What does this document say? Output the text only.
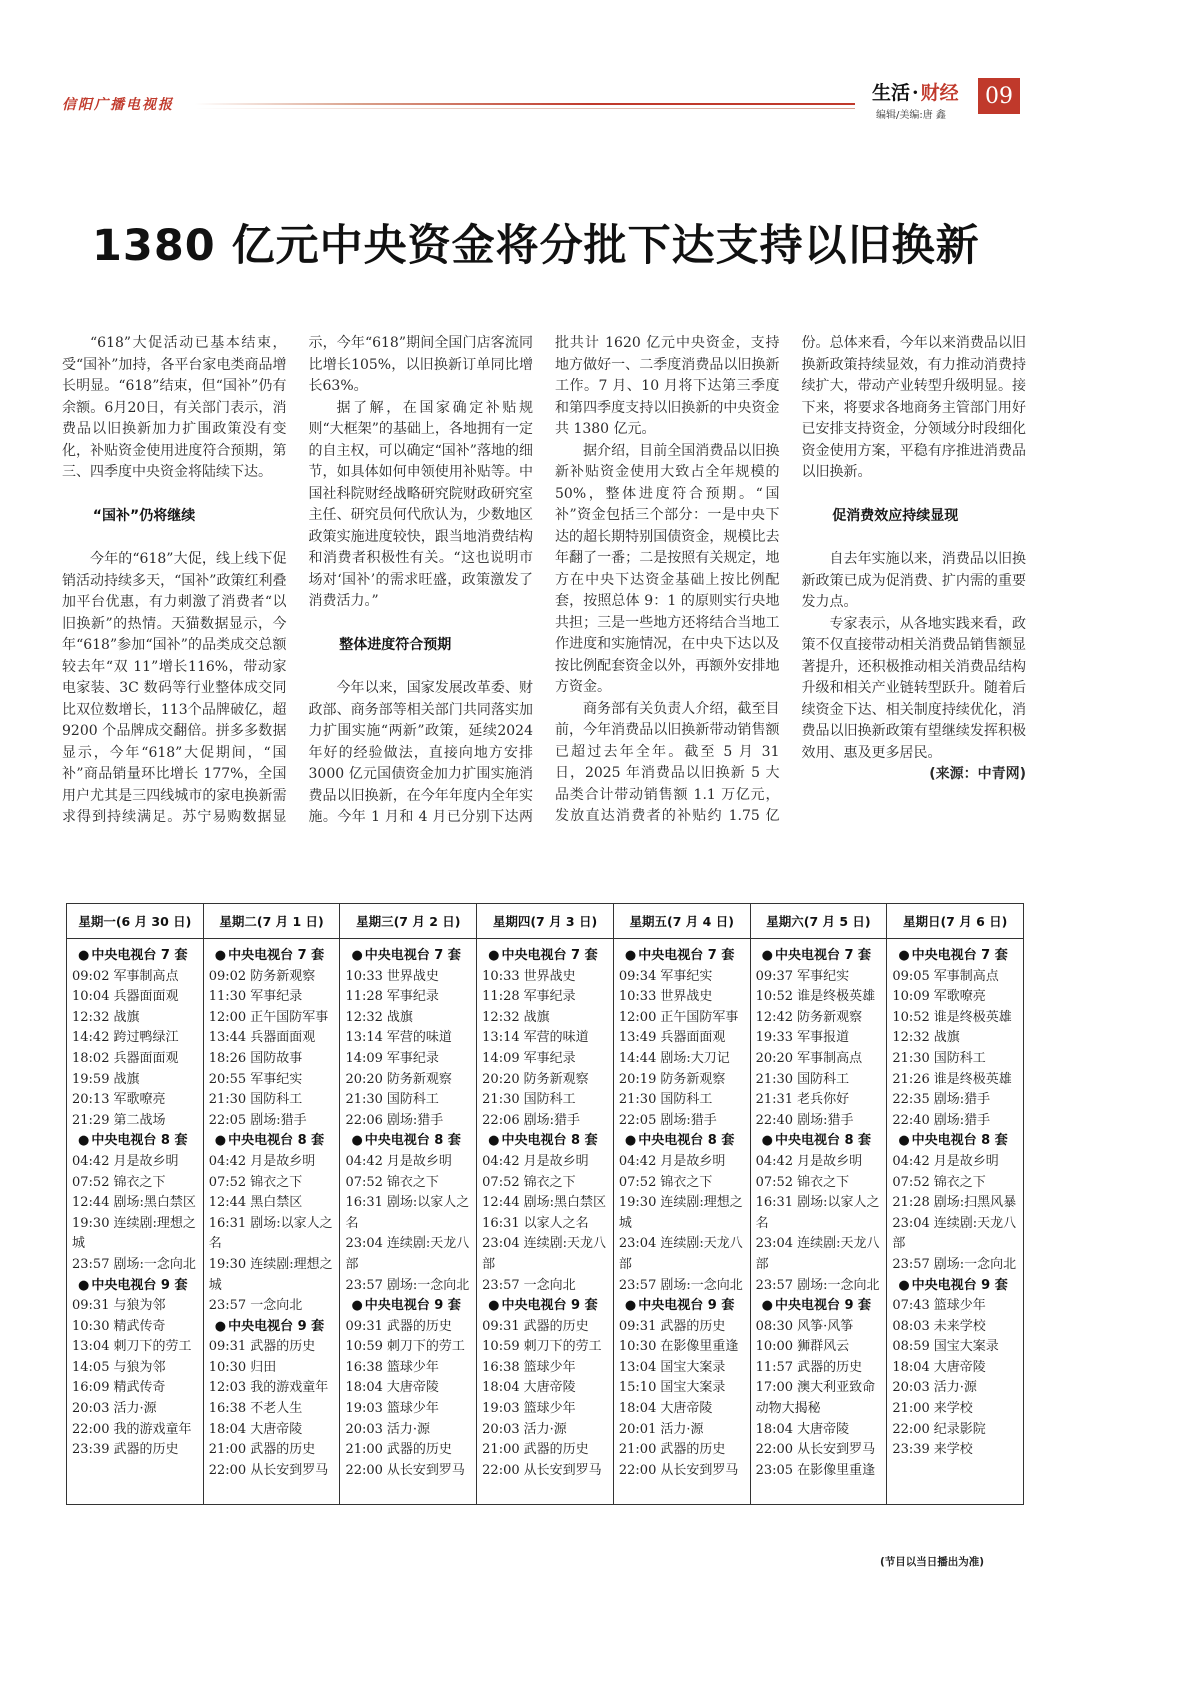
信阳广播电视报
生活 · 财经
编辑/美编:唐 鑫
09
1380 亿元中央资金将分批下达支持以旧换新

“618”大促活动已基本结束，受“国补”加持，各平台家电类商品增长明显。“618”结束，但“国补”仍有余额。6月20日，有关部门表示，消费品以旧换新加力扩围政策没有变化，补贴资金使用进度符合预期，第三、四季度中央资金将陆续下达。

“国补”仍将继续

今年的“618”大促，线上线下促销活动持续多天，“国补”政策红利叠加平台优惠，有力刺激了消费者“以旧换新”的热情。天猫数据显示，今年“618”参加“国补”的品类成交总额较去年“双 11”增长116%，带动家电家装、3C 数码等行业整体成交同比双位数增长，113个品牌破亿，超 9200 个品牌成交翻倍。拼多多数据显示，今年“618”大促期间，“国补”商品销量环比增长 177%，全国用户尤其是三四线城市的家电换新需求得到持续满足。苏宁易购数据显示，今年“618”期间全国门店客流同比增长105%，以旧换新订单同比增长63%。

据了解，在国家确定补贴规则“大框架”的基础上，各地拥有一定的自主权，可以确定“国补”落地的细节，如具体如何申领使用补贴等。中国社科院财经战略研究院财政研究室主任、研究员何代欣认为，少数地区政策实施进度较快，跟当地消费结构和消费者积极性有关。“这也说明市场对‘国补’的需求旺盛，政策激发了消费活力。”

整体进度符合预期

今年以来，国家发展改革委、财政部、商务部等相关部门共同落实加力扩围实施“两新”政策，延续2024 年好的经验做法，直接向地方安排 3000 亿元国债资金加力扩围实施消费品以旧换新，在今年年度内全年实施。今年 1 月和 4 月已分别下达两批共计 1620 亿元中央资金，支持地方做好一、二季度消费品以旧换新工作。7 月、10 月将下达第三季度和第四季度支持以旧换新的中央资金共 1380 亿元。

据介绍，目前全国消费品以旧换新补贴资金使用大致占全年规模的 50%，整体进度符合预期。“国补”资金包括三个部分：一是中央下达的超长期特别国债资金，规模比去年翻了一番；二是按照有关规定，地方在中央下达资金基础上按比例配套，按照总体 9：1 的原则实行央地共担；三是一些地方还将结合当地工作进度和实施情况，在中央下达以及按比例配套资金以外，再额外安排地方资金。

商务部有关负责人介绍，截至目前，今年消费品以旧换新带动销售额已超过去年全年。截至 5 月 31 日，2025 年消费品以旧换新 5 大品类合计带动销售额 1.1 万亿元，发放直达消费者的补贴约 1.75 亿份。总体来看，今年以来消费品以旧换新政策持续显效，有力推动消费持续扩大，带动产业转型升级明显。接下来，将要求各地商务主管部门用好已安排支持资金，分领域分时段细化资金使用方案，平稳有序推进消费品以旧换新。

促消费效应持续显现

自去年实施以来，消费品以旧换新政策已成为促消费、扩内需的重要发力点。

专家表示，从各地实践来看，政策不仅直接带动相关消费品销售额显著提升，还积极推动相关消费品结构升级和相关产业链转型跃升。随着后续资金下达、相关制度持续优化，消费品以旧换新政策有望继续发挥积极效用、惠及更多居民。
(来源：中青网)

星期一(6 月 30 日)
● 中央电视台 7 套
09:02 军事制高点
10:04 兵器面面观
12:32 战旗
14:42 跨过鸭绿江
18:02 兵器面面观
19:59 战旗
20:13 军歌嘹亮
21:29 第二战场
● 中央电视台 8 套
04:42 月是故乡明
07:52 锦衣之下
12:44 剧场:黑白禁区
19:30 连续剧:理想之城
23:57 剧场:一念向北
● 中央电视台 9 套
09:31 与狼为邻
10:30 精武传奇
13:04 刺刀下的劳工
14:05 与狼为邻
16:09 精武传奇
20:03 活力·源
22:00 我的游戏童年
23:39 武器的历史
星期二(7 月 1 日)
● 中央电视台 7 套
09:02 防务新观察
11:30 军事纪录
12:00 正午国防军事
13:44 兵器面面观
18:26 国防故事
20:55 军事纪实
21:30 国防科工
22:05 剧场:猎手
● 中央电视台 8 套
04:42 月是故乡明
07:52 锦衣之下
12:44 黑白禁区
16:31 剧场:以家人之名
19:30 连续剧:理想之城
23:57 一念向北
● 中央电视台 9 套
09:31 武器的历史
10:30 归田
12:03 我的游戏童年
16:38 不老人生
18:04 大唐帝陵
21:00 武器的历史
22:00 从长安到罗马
星期三(7 月 2 日)
● 中央电视台 7 套
10:33 世界战史
11:28 军事纪录
12:32 战旗
13:14 军营的味道
14:09 军事纪录
20:20 防务新观察
21:30 国防科工
22:06 剧场:猎手
● 中央电视台 8 套
04:42 月是故乡明
07:52 锦衣之下
16:31 剧场:以家人之名
23:04 连续剧:天龙八部
23:57 剧场:一念向北
● 中央电视台 9 套
09:31 武器的历史
10:59 刺刀下的劳工
16:38 篮球少年
18:04 大唐帝陵
19:03 篮球少年
20:03 活力·源
21:00 武器的历史
22:00 从长安到罗马
星期四(7 月 3 日)
● 中央电视台 7 套
10:33 世界战史
11:28 军事纪录
12:32 战旗
13:14 军营的味道
14:09 军事纪录
20:20 防务新观察
21:30 国防科工
22:06 剧场:猎手
● 中央电视台 8 套
04:42 月是故乡明
07:52 锦衣之下
12:44 剧场:黑白禁区
16:31 以家人之名
23:04 连续剧:天龙八部
23:57 一念向北
● 中央电视台 9 套
09:31 武器的历史
10:59 刺刀下的劳工
16:38 篮球少年
18:04 大唐帝陵
19:03 篮球少年
20:03 活力·源
21:00 武器的历史
22:00 从长安到罗马
星期五(7 月 4 日)
● 中央电视台 7 套
09:34 军事纪实
10:33 世界战史
12:00 正午国防军事
13:49 兵器面面观
14:44 剧场:大刀记
20:19 防务新观察
21:30 国防科工
22:05 剧场:猎手
● 中央电视台 8 套
04:42 月是故乡明
07:52 锦衣之下
19:30 连续剧:理想之城
23:04 连续剧:天龙八部
23:57 剧场:一念向北
● 中央电视台 9 套
09:31 武器的历史
10:30 在影像里重逢
13:04 国宝大案录
15:10 国宝大案录
18:04 大唐帝陵
20:01 活力·源
21:00 武器的历史
22:00 从长安到罗马
星期六(7 月 5 日)
● 中央电视台 7 套
09:37 军事纪实
10:52 谁是终极英雄
12:42 防务新观察
19:33 军事报道
20:20 军事制高点
21:30 国防科工
21:31 老兵你好
22:40 剧场:猎手
● 中央电视台 8 套
04:42 月是故乡明
07:52 锦衣之下
16:31 剧场:以家人之名
23:04 连续剧:天龙八部
23:57 剧场:一念向北
● 中央电视台 9 套
08:30 风筝·风筝
10:00 狮群风云
11:57 武器的历史
17:00 澳大利亚致命动物大揭秘
18:04 大唐帝陵
22:00 从长安到罗马
23:05 在影像里重逢
星期日(7 月 6 日)
● 中央电视台 7 套
09:05 军事制高点
10:09 军歌嘹亮
10:52 谁是终极英雄
12:32 战旗
21:30 国防科工
21:26 谁是终极英雄
22:35 剧场:猎手
22:40 剧场:猎手
● 中央电视台 8 套
04:42 月是故乡明
07:52 锦衣之下
21:28 剧场:扫黑风暴
23:04 连续剧:天龙八部
23:57 剧场:一念向北
● 中央电视台 9 套
07:43 篮球少年
08:03 未来学校
08:59 国宝大案录
18:04 大唐帝陵
20:03 活力·源
21:00 来学校
22:00 纪录影院
23:39 来学校
(节目以当日播出为准)
